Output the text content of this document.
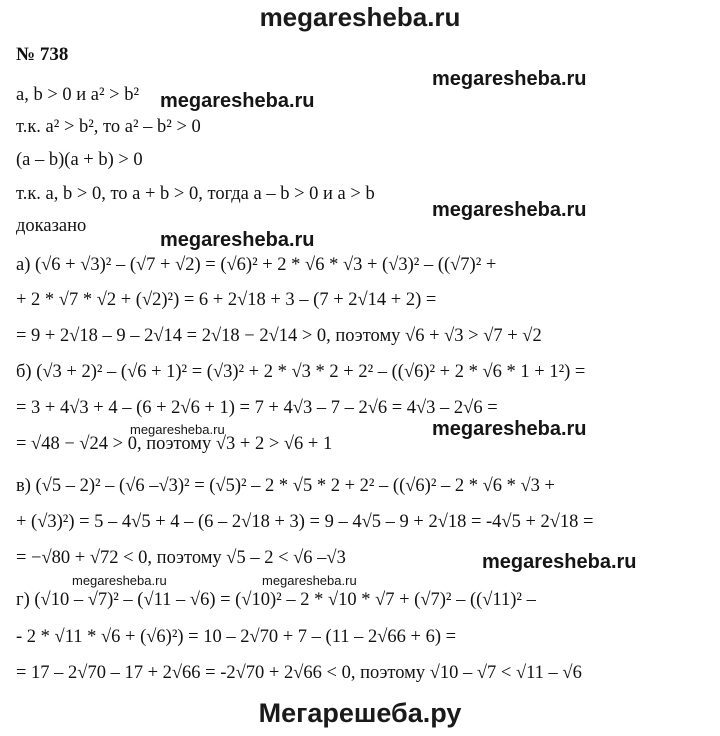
megaresheba.ru
№ 738
a, b > 0 и a² > b²
т.к. a² > b², то a² – b² > 0
(a – b)(a + b) > 0
т.к. a, b > 0, то a + b > 0, тогда a – b > 0 и a > b
доказано
а) (√6 + √3)² – (√7 + √2) = (√6)² + 2 * √6 * √3 + (√3)² – ((√7)² +
+ 2 * √7 * √2 + (√2)²) = 6 + 2√18 + 3 – (7 + 2√14 + 2) =
= 9 + 2√18 – 9 – 2√14 = 2√18 − 2√14 > 0, поэтому √6 + √3 > √7 + √2
б) (√3 + 2)² – (√6 + 1)² = (√3)² + 2 * √3 * 2 + 2² – ((√6)² + 2 * √6 * 1 + 1²) =
= 3 + 4√3 + 4 – (6 + 2√6 + 1) = 7 + 4√3 – 7 – 2√6 = 4√3 – 2√6 =
= √48 − √24 > 0, поэтому √3 + 2 > √6 + 1
в) (√5 – 2)² – (√6 –√3)² = (√5)² – 2 * √5 * 2 + 2² – ((√6)² – 2 * √6 * √3 +
+ (√3)²) = 5 – 4√5 + 4 – (6 – 2√18 + 3) = 9 – 4√5 – 9 + 2√18 = -4√5 + 2√18 =
= −√80 + √72 < 0, поэтому √5 – 2 < √6 –√3
г) (√10 – √7)² – (√11 – √6) = (√10)² – 2 * √10 * √7 + (√7)² – ((√11)² –
- 2 * √11 * √6 + (√6)²) = 10 – 2√70 + 7 – (11 – 2√66 + 6) =
= 17 – 2√70 – 17 + 2√66 = -2√70 + 2√66 < 0, поэтому √10 – √7 < √11 – √6
megaresheba.ru
megaresheba.ru
megaresheba.ru
megaresheba.ru
megaresheba.ru
megaresheba.ru
megaresheba.ru
megaresheba.ru	megaresheba.ru
Мегарешеба.ру
